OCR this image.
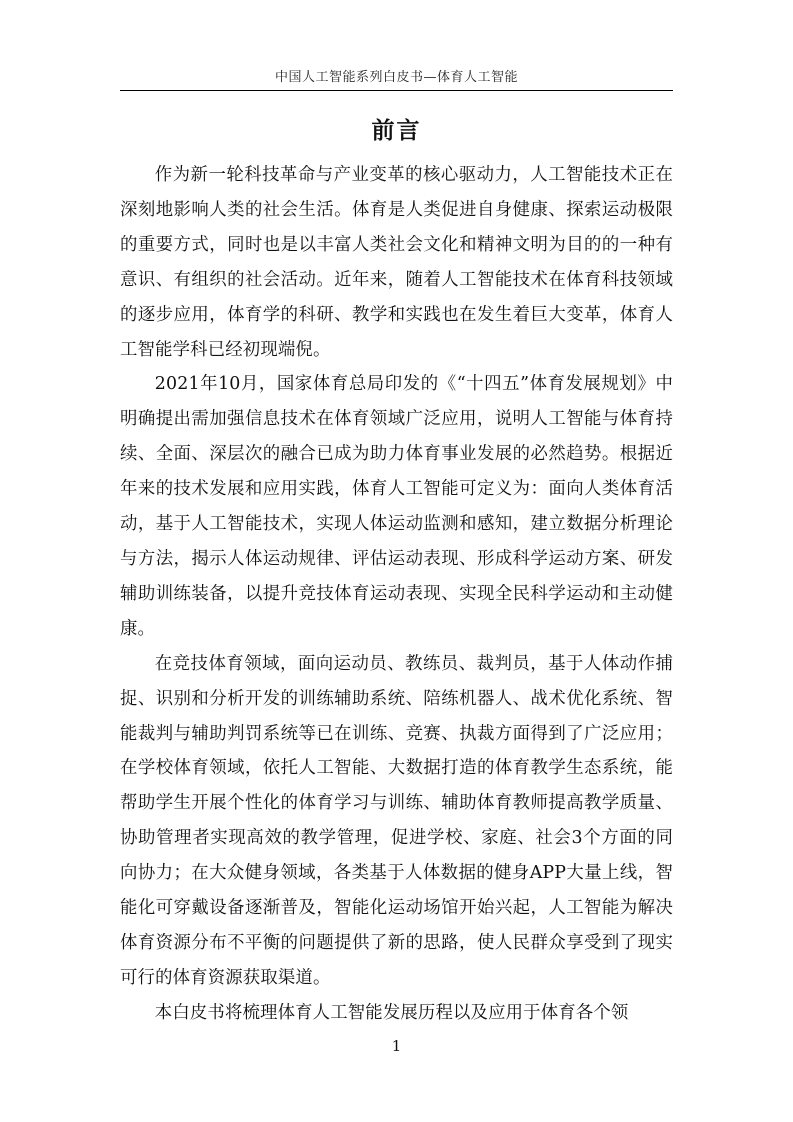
中国人工智能系列白皮书—体育人工智能
前言

作为新一轮科技革命与产业变革的核心驱动力，人工智能技术正在深刻地影响人类的社会生活。体育是人类促进自身健康、探索运动极限的重要方式，同时也是以丰富人类社会文化和精神文明为目的的一种有意识、有组织的社会活动。近年来，随着人工智能技术在体育科技领域的逐步应用，体育学的科研、教学和实践也在发生着巨大变革，体育人工智能学科已经初现端倪。

2021年10月，国家体育总局印发的《“十四五”体育发展规划》中明确提出需加强信息技术在体育领域广泛应用，说明人工智能与体育持续、全面、深层次的融合已成为助力体育事业发展的必然趋势。根据近年来的技术发展和应用实践，体育人工智能可定义为：面向人类体育活动，基于人工智能技术，实现人体运动监测和感知，建立数据分析理论与方法，揭示人体运动规律、评估运动表现、形成科学运动方案、研发辅助训练装备，以提升竞技体育运动表现、实现全民科学运动和主动健康。

在竞技体育领域，面向运动员、教练员、裁判员，基于人体动作捕捉、识别和分析开发的训练辅助系统、陪练机器人、战术优化系统、智能裁判与辅助判罚系统等已在训练、竞赛、执裁方面得到了广泛应用；在学校体育领域，依托人工智能、大数据打造的体育教学生态系统，能帮助学生开展个性化的体育学习与训练、辅助体育教师提高教学质量、协助管理者实现高效的教学管理，促进学校、家庭、社会3个方面的同向协力；在大众健身领域，各类基于人体数据的健身APP大量上线，智能化可穿戴设备逐渐普及，智能化运动场馆开始兴起，人工智能为解决体育资源分布不平衡的问题提供了新的思路，使人民群众享受到了现实可行的体育资源获取渠道。

本白皮书将梳理体育人工智能发展历程以及应用于体育各个领

1
